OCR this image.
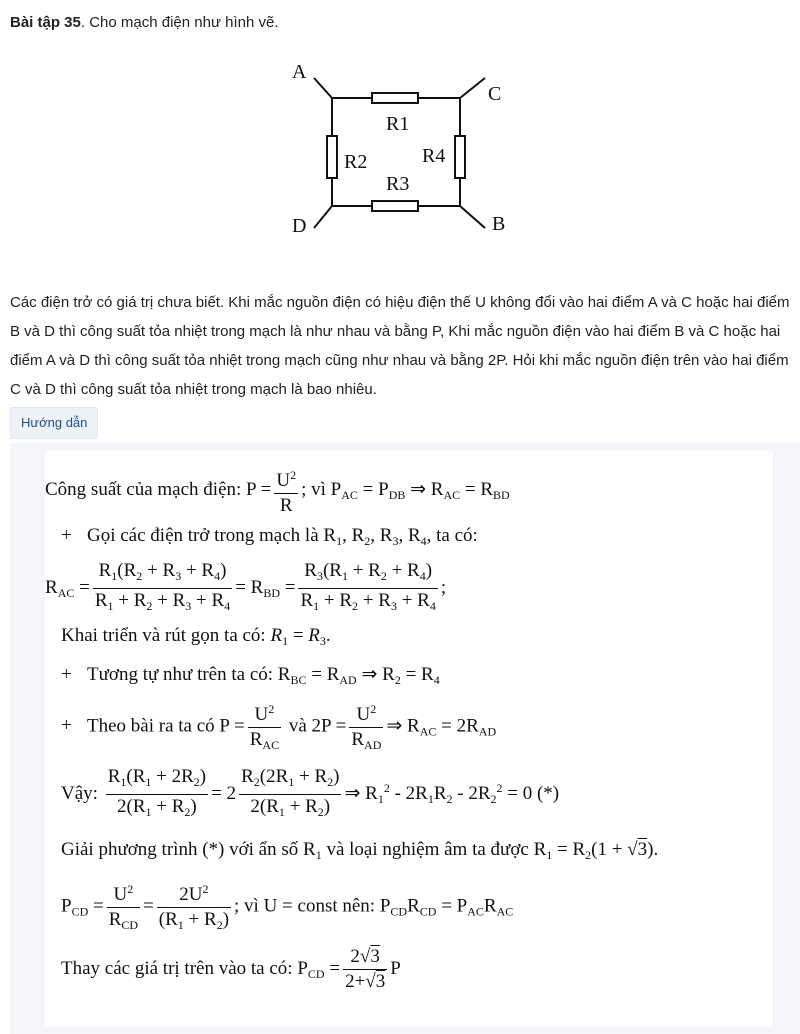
Bài tập 35. Cho mạch điện như hình vẽ.
A
C
D	B
R1
R2
R3
R4
Các điện trở có giá trị chưa biết. Khi mắc nguồn điện có hiệu điện thế U không đổi vào hai điểm A và C hoặc hai điểm B và D thì công suất tỏa nhiệt trong mạch là như nhau và bằng P, Khi mắc nguồn điện vào hai điểm B và C hoặc hai điểm A và D thì công suất tỏa nhiệt trong mạch cũng như nhau và bằng 2P. Hỏi khi mắc nguồn điện trên vào hai điểm C và D thì công suất tỏa nhiệt trong mạch là bao nhiêu.
Hướng dẫn
Công suất của mạch điện: $P = \frac{U^2}{R}$ ; vì $P_{AC} = P_{DB}$ ⇒ $R_{AC} = R_{BD}$
+ Gọi các điện trở trong mạch là $R_1$, $R_2$, $R_3$, $R_4$, ta có:
$R_{AC} = \frac{R_1(R_2 + R_3 + R_4)}{R_1 + R_2 + R_3 + R_4} = R_{BD} = \frac{R_3(R_1 + R_2 + R_4)}{R_1 + R_2 + R_3 + R_4}$ ;
Khai triển và rút gọn ta có: $R_1 = R_3$.
+ Tương tự như trên ta có: $R_{BC} = R_{AD}$ ⇒ $R_2 = R_4$
+ Theo bài ra ta có $P = \frac{U^2}{R_{AC}}$ và $2P = \frac{U^2}{R_{AD}}$ ⇒ $R_{AC} = 2R_{AD}$
Vậy: $\frac{R_1(R_1 + 2R_2)}{2(R_1 + R_2)} = 2 \frac{R_2(2R_1 + R_2)}{2(R_1 + R_2)}$ ⇒ $R_1^2 - 2R_1R_2 - 2R_2^2 = 0$ (*)
Giải phương trình (*) với ẩn số $R_1$ và loại nghiệm âm ta được $R_1 = R_2(1 + √3)$.
$P_{CD} = \frac{U^2}{R_{CD}} = \frac{2U^2}{(R_1 + R_2)}$ ; vì U = const nên: $P_{CD}R_{CD} = P_{AC}R_{AC}$
Thay các giá trị trên vào ta có: $P_{CD} = \frac{2√3}{2+√3}$ P
